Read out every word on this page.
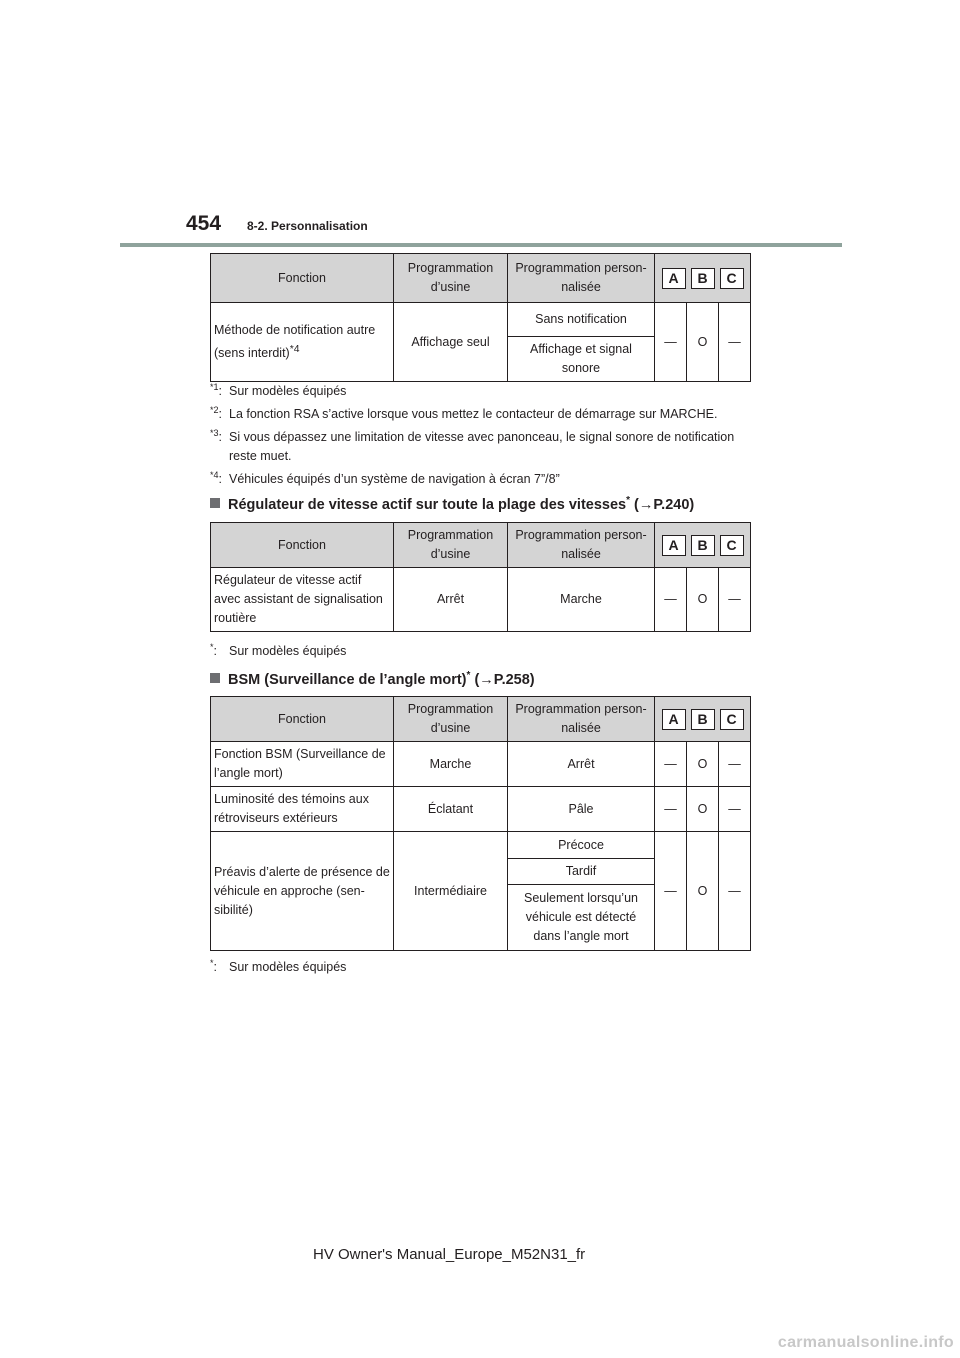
454 8-2. Personnalisation
Fonction	Programmation d’usine	Programmation person-nalisée	A B C		

Méthode de notification autre (sens interdit)$^{*4}$	Affichage seul	Sans notification	—	O	—
		Affichage et signal sonore			
$^{*1}$: Sur modèles équipés
$^{*2}$: La fonction RSA s’active lorsque vous mettez le contacteur de démarrage sur MARCHE.
$^{*3}$: Si vous dépassez une limitation de vitesse avec panonceau, le signal sonore de notification
reste muet.
$^{*4}$: Véhicules équipés d’un système de navigation à écran 7”/8”
Régulateur de vitesse actif sur toute la plage des vitesses* (→P.240)
Fonction	Programmation d’usine	Programmation person-nalisée	A B C		

Régulateur de vitesse actif avec assistant de signalisation routière	Arrêt	Marche	—	O	—
*: Sur modèles équipés
BSM (Surveillance de l’angle mort)* (→P.258)
Fonction	Programmation d’usine	Programmation person-nalisée	A B C		

Fonction BSM (Surveillance de l’angle mort)	Marche	Arrêt	—	O	—
Luminosité des témoins aux rétroviseurs extérieurs	Éclatant	Pâle	—	O	—
Préavis d’alerte de présence de véhicule en approche (sen-sibilité)	Intermédiaire	Précoce	—	O	—
		Tardif			
		Seulement lorsqu’un véhicule est détecté dans l’angle mort			
*: Sur modèles équipés
HV Owner's Manual_Europe_M52N31_fr
carmanualsonline.info
